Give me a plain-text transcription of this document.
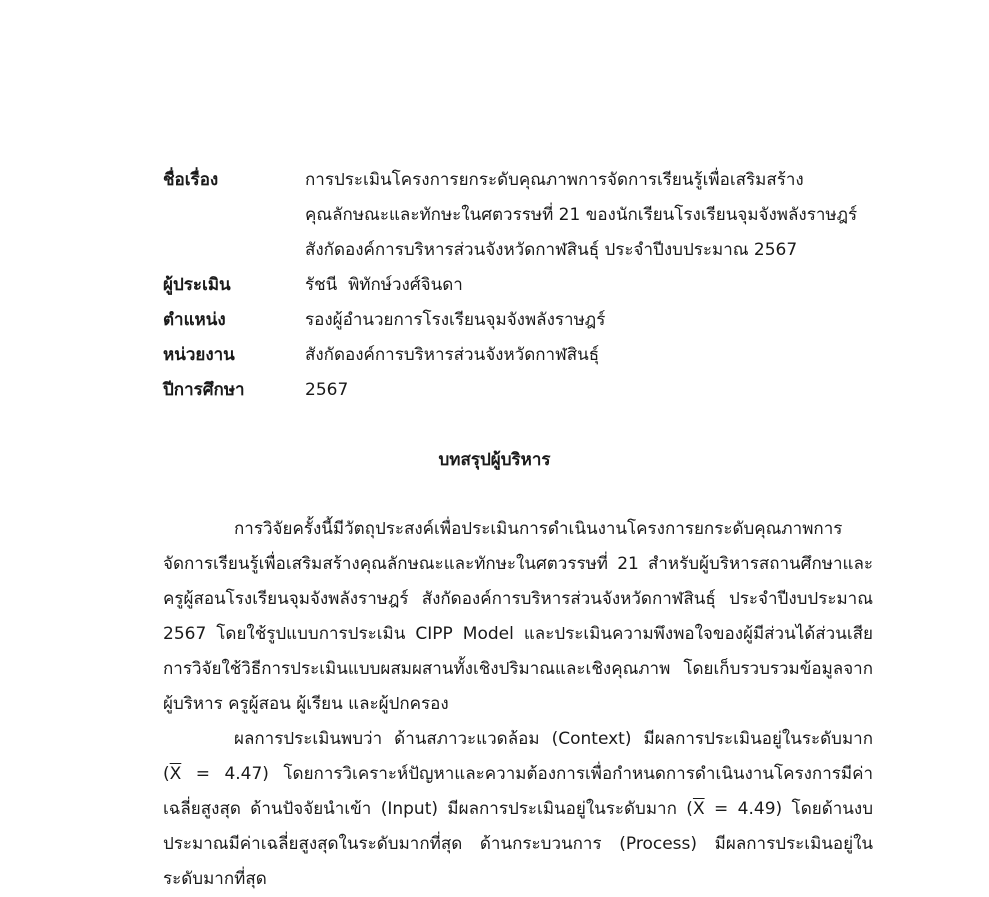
ชื่อเรื่อง	การประเมินโครงการยกระดับคุณภาพการจัดการเรียนรู้เพื่อเสริมสร้างคุณลักษณะและทักษะในศตวรรษที่ 21 ของนักเรียนโรงเรียนจุมจังพลังราษฎร์ สังกัดองค์การบริหารส่วนจังหวัดกาฬสินธุ์ ประจำปีงบประมาณ 2567
ผู้ประเมิน	รัชนี  พิทักษ์วงศ์จินดา
ตำแหน่ง	รองผู้อำนวยการโรงเรียนจุมจังพลังราษฎร์
หน่วยงาน	สังกัดองค์การบริหารส่วนจังหวัดกาฬสินธุ์
ปีการศึกษา	2567
บทสรุปผู้บริหาร

การวิจัยครั้งนี้มีวัตถุประสงค์เพื่อประเมินการดำเนินงานโครงการยกระดับคุณภาพการจัดการเรียนรู้เพื่อเสริมสร้างคุณลักษณะและทักษะในศตวรรษที่ 21 สำหรับผู้บริหารสถานศึกษาและครูผู้สอนโรงเรียนจุมจังพลังราษฎร์ สังกัดองค์การบริหารส่วนจังหวัดกาฬสินธุ์ ประจำปีงบประมาณ 2567 โดยใช้รูปแบบการประเมิน CIPP Model และประเมินความพึงพอใจของผู้มีส่วนได้ส่วนเสีย การวิจัยใช้วิธีการประเมินแบบผสมผสานทั้งเชิงปริมาณและเชิงคุณภาพ โดยเก็บรวบรวมข้อมูลจากผู้บริหาร ครูผู้สอน ผู้เรียน และผู้ปกครอง

ผลการประเมินพบว่า ด้านสภาวะแวดล้อม (Context) มีผลการประเมินอยู่ในระดับมาก $(\overline{X} = 4.47)$ โดยการวิเคราะห์ปัญหาและความต้องการเพื่อกำหนดการดำเนินงานโครงการมีค่าเฉลี่ยสูงสุด ด้านปัจจัยนำเข้า (Input) มีผลการประเมินอยู่ในระดับมาก $(\overline{X} = 4.49)$ โดยด้านงบประมาณมีค่าเฉลี่ยสูงสุดในระดับมากที่สุด ด้านกระบวนการ (Process) มีผลการประเมินอยู่ในระดับมากที่สุด
